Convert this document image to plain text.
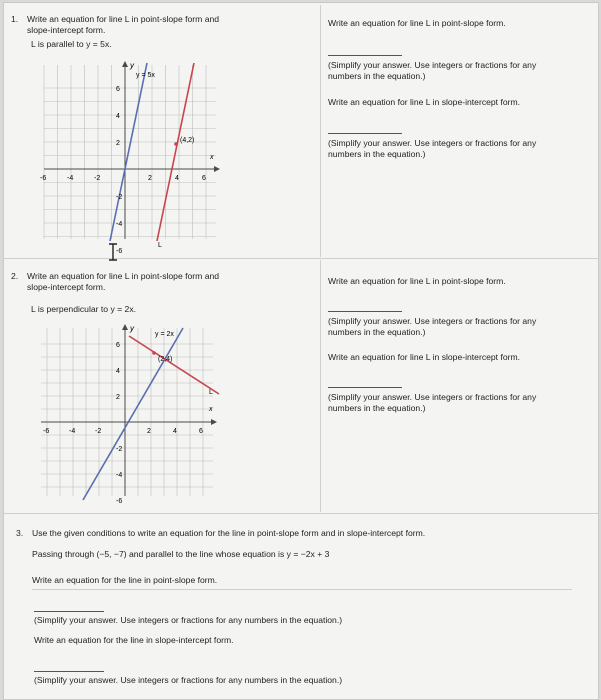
1. Write an equation for line L in point-slope form and
slope-intercept form.
L is parallel to y = 5x.
y
y = 5x
(4,2)
L
x
-6	-4	-2	2	4	6
6
4
2
-2
-4
-6
Write an equation for line L in point-slope form.
(Simplify your answer. Use integers or fractions for any
numbers in the equation.)
Write an equation for line L in slope-intercept form.
(Simplify your answer. Use integers or fractions for any
numbers in the equation.)
2. Write an equation for line L in point-slope form and
slope-intercept form.
L is perpendicular to y = 2x.
y
y = 2x
(2,4)
L
x
-6	-4	-2	2	4	6
6
4
2
-2
-4
-6
Write an equation for line L in point-slope form.
(Simplify your answer. Use integers or fractions for any
numbers in the equation.)
Write an equation for line L in slope-intercept form.
(Simplify your answer. Use integers or fractions for any
numbers in the equation.)
3. Use the given conditions to write an equation for the line in point-slope form and in slope-intercept form.
Passing through (−5, −7) and parallel to the line whose equation is y = −2x + 3
Write an equation for the line in point-slope form.
(Simplify your answer. Use integers or fractions for any numbers in the equation.)
Write an equation for the line in slope-intercept form.
(Simplify your answer. Use integers or fractions for any numbers in the equation.)
